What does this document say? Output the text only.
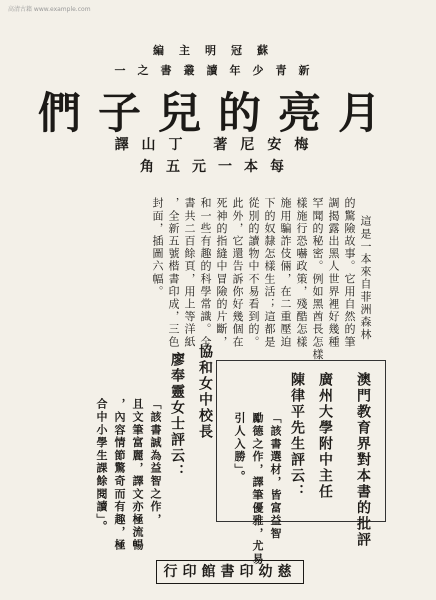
高清古籍 www.example.com
編主明冠蘇
一之書叢讀年少青新
們子兒的亮月
譯山丁 著尼安梅
角五元一本每
這是一本來自菲洲森林
的驚險故事。它用自然的筆
調揭露出黑人世界裡好幾種
罕聞的秘密。例如黑酋長怎樣
樣施行恐嚇政策，殘酷怎樣
施用騙詐伎倆，在二重壓迫
下的奴隸怎樣生活；這都是
從別的讀物中不易看到的。
此外，它還告訴你好幾個在
死神的指縫中冒險的片斷，
和一些有趣的科學常識。全
書共二百餘頁，用上等洋紙
，全新五號楷書印成，三色
封面，插圖六幅。
澳門教育界對本書的批評
廣州大學附中主任
陳律平先生評云：
「該書選材，皆富益智
勵德之作，譯筆優雅，尤易
引人入勝」。
協和女中校長
廖奉靈女士評云：
「該書誠為益智之作，
且文筆富麗，譯文亦極流暢
，內容情節驚奇而有趣，極
合中小學生課餘閱讀」。
行印館書印幼慈
